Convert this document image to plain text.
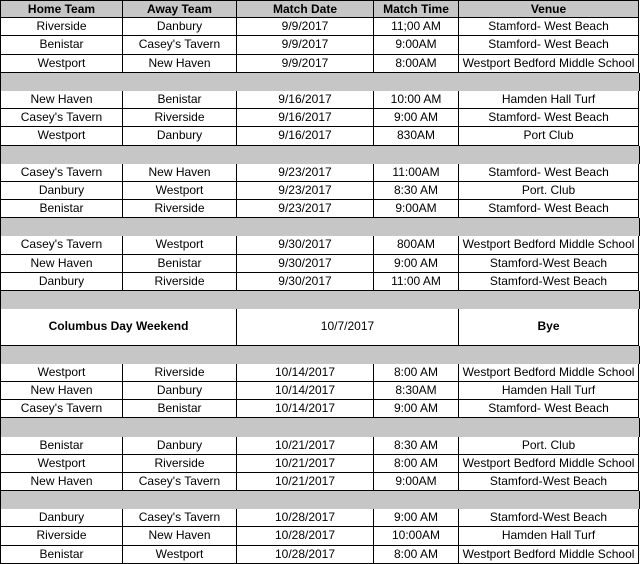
Home Team	Away Team	Match Date	Match Time	Venue
Riverside	Danbury	9/9/2017	11;00 AM	Stamford- West Beach
Benistar	Casey's Tavern	9/9/2017	9:00AM	Stamford- West Beach
Westport	New Haven	9/9/2017	8:00AM	Westport Bedford Middle School
New Haven	Benistar	9/16/2017	10:00 AM	Hamden Hall Turf
Casey's Tavern	Riverside	9/16/2017	9:00 AM	Stamford- West Beach
Westport	Danbury	9/16/2017	830AM	Port Club
Casey's Tavern	New Haven	9/23/2017	11:00AM	Stamford- West Beach
Danbury	Westport	9/23/2017	8:30 AM	Port. Club
Benistar	Riverside	9/23/2017	9:00AM	Stamford- West Beach
Casey's Tavern	Westport	9/30/2017	800AM	Westport Bedford Middle School
New Haven	Benistar	9/30/2017	9:00 AM	Stamford-West Beach
Danbury	Riverside	9/30/2017	11:00 AM	Stamford-West Beach
Columbus Day Weekend	10/7/2017	Bye
Westport	Riverside	10/14/2017	8:00 AM	Westport Bedford Middle School
New Haven	Danbury	10/14/2017	8:30AM	Hamden Hall Turf
Casey's Tavern	Benistar	10/14/2017	9:00 AM	Stamford- West Beach
Benistar	Danbury	10/21/2017	8:30 AM	Port. Club
Westport	Riverside	10/21/2017	8:00 AM	Westport Bedford Middle School
New Haven	Casey's Tavern	10/21/2017	9:00AM	Stamford-West Beach
Danbury	Casey's Tavern	10/28/2017	9:00 AM	Stamford-West Beach
Riverside	New Haven	10/28/2017	10:00AM	Hamden Hall Turf
Benistar	Westport	10/28/2017	8:00 AM	Westport Bedford Middle School
